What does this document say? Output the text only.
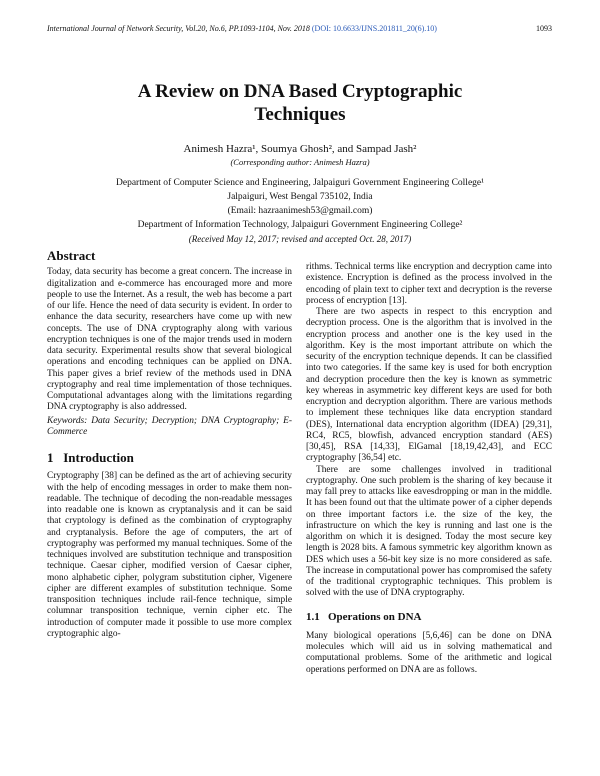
International Journal of Network Security, Vol.20, No.6, PP.1093-1104, Nov. 2018 (DOI: 10.6633/IJNS.201811_20(6).10)	1093
A Review on DNA Based Cryptographic
Techniques
Animesh Hazra¹, Soumya Ghosh², and Sampad Jash²
(Corresponding author: Animesh Hazra)
Department of Computer Science and Engineering, Jalpaiguri Government Engineering College¹
Jalpaiguri, West Bengal 735102, India
(Email: hazraanimesh53@gmail.com)
Department of Information Technology, Jalpaiguri Government Engineering College²
(Received May 12, 2017; revised and accepted Oct. 28, 2017)
Abstract

Today, data security has become a great concern. The increase in digitalization and e-commerce has encouraged more and more people to use the Internet. As a result, the web has become a part of our life. Hence the need of data security is evident. In order to enhance the data security, researchers have come up with new concepts. The use of DNA cryptography along with various encryption techniques is one of the major trends used in modern data security. Experimental results show that several biological operations and encoding techniques can be applied on DNA. This paper gives a brief review of the methods used in DNA cryptography and real time implementation of those techniques. Computational advantages along with the limitations regarding DNA cryptography is also addressed.

Keywords: Data Security; Decryption; DNA Cryptography; E-Commerce

1 Introduction

Cryptography [38] can be defined as the art of achieving security with the help of encoding messages in order to make them non-readable. The technique of decoding the non-readable messages into readable one is known as cryptanalysis and it can be said that cryptology is defined as the combination of cryptography and cryptanalysis. Before the age of computers, the art of cryptography was performed my manual techniques. Some of the techniques involved are substitution technique and transposition technique. Caesar cipher, modified version of Caesar cipher, mono alphabetic cipher, polygram substitution cipher, Vigenere cipher are different examples of substitution technique. Some transposition techniques include rail-fence technique, simple columnar transposition technique, vernin cipher etc. The introduction of computer made it possible to use more complex cryptographic algo-

rithms. Technical terms like encryption and decryption came into existence. Encryption is defined as the process involved in the encoding of plain text to cipher text and decryption is the reverse process of encryption [13].

There are two aspects in respect to this encryption and decryption process. One is the algorithm that is involved in the encryption process and another one is the key used in the algorithm. Key is the most important attribute on which the security of the encryption technique depends. It can be classified into two categories. If the same key is used for both encryption and decryption procedure then the key is known as symmetric key whereas in asymmetric key different keys are used for both encryption and decryption algorithm. There are various methods to implement these techniques like data encryption standard (DES), International data encryption algorithm (IDEA) [29,31], RC4, RC5, blowfish, advanced encryption standard (AES) [30,45], RSA [14,33], ElGamal [18,19,42,43], and ECC cryptography [36,54] etc.

There are some challenges involved in traditional cryptography. One such problem is the sharing of key because it may fall prey to attacks like eavesdropping or man in the middle. It has been found out that the ultimate power of a cipher depends on three important factors i.e. the size of the key, the infrastructure on which the key is running and last one is the algorithm on which it is designed. Today the most secure key length is 2028 bits. A famous symmetric key algorithm known as DES which uses a 56-bit key size is no more considered as safe. The increase in computational power has compromised the safety of the traditional cryptographic techniques. This problem is solved with the use of DNA cryptography.

1.1 Operations on DNA

Many biological operations [5,6,46] can be done on DNA molecules which will aid us in solving mathematical and computational problems. Some of the arithmetic and logical operations performed on DNA are as follows.
